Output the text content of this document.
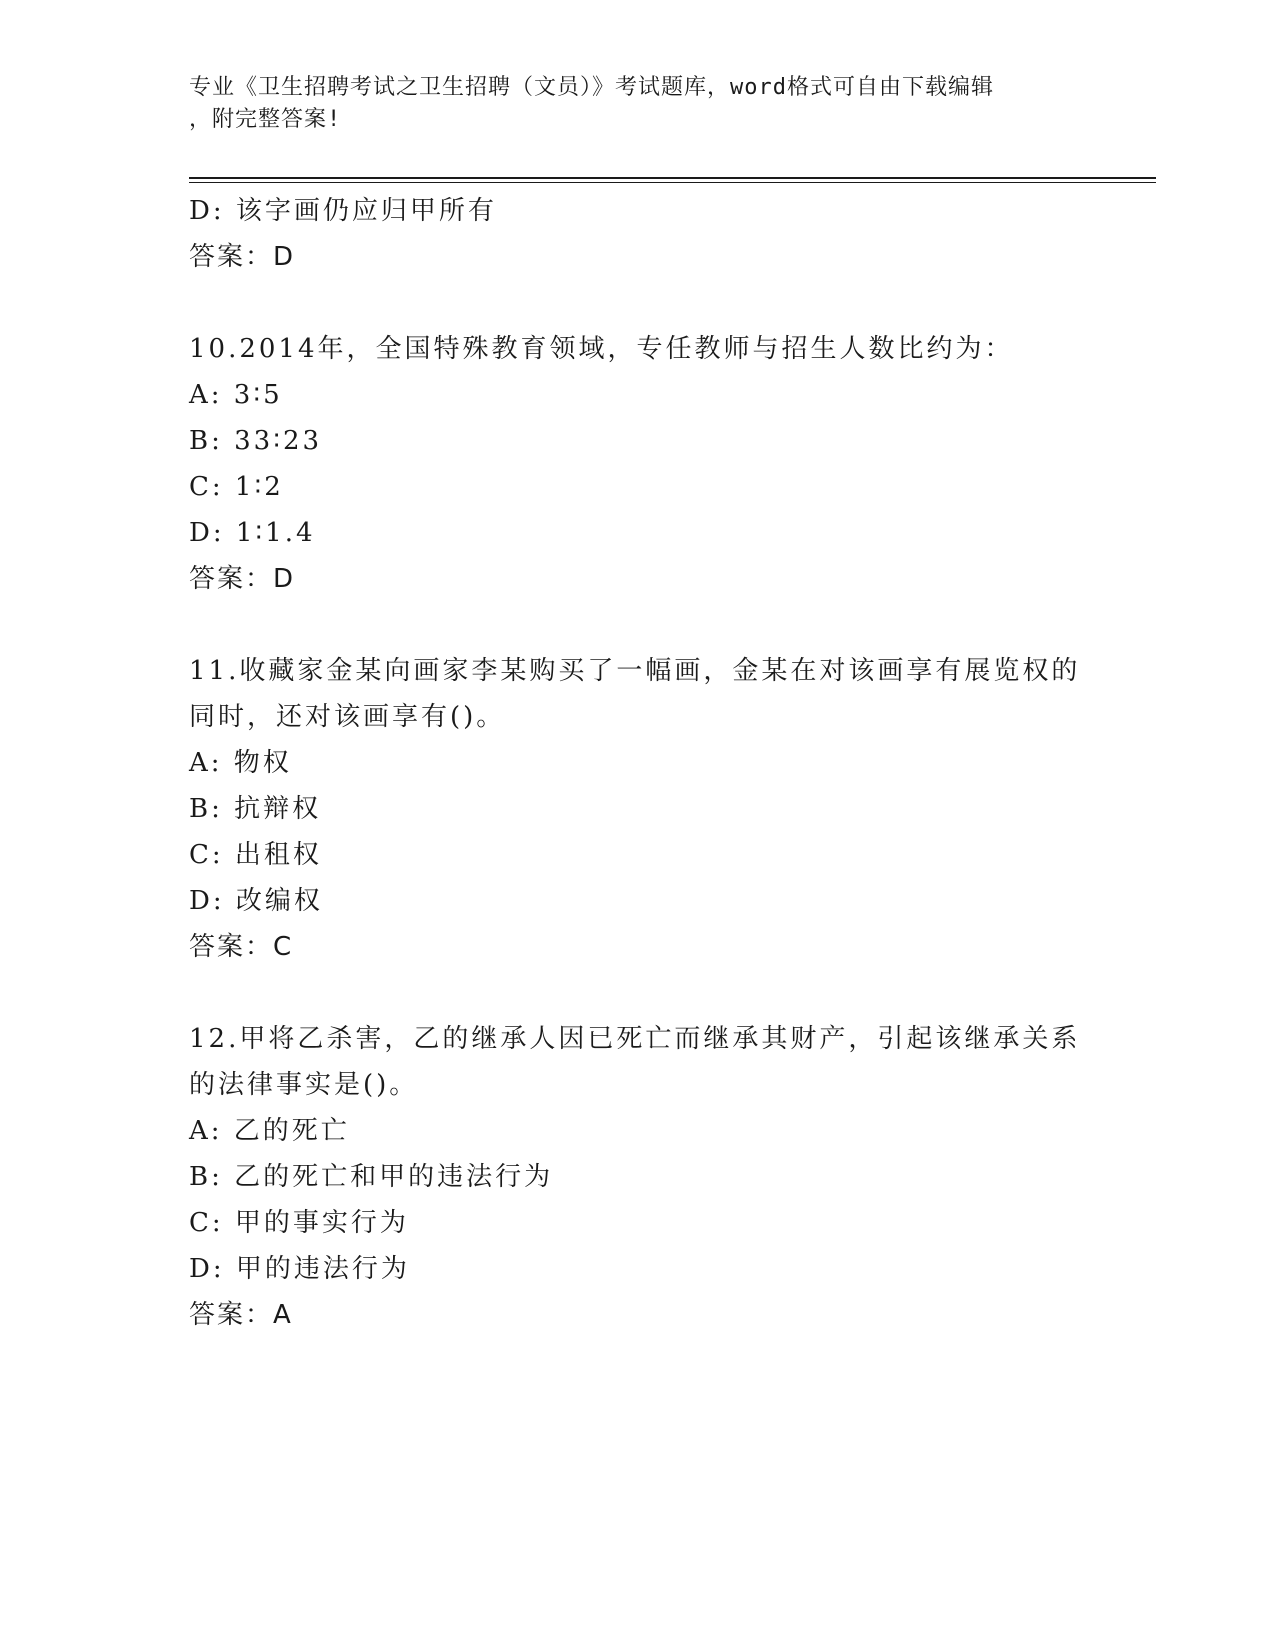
专业《卫生招聘考试之卫生招聘（文员）》考试题库，word格式可自由下载编辑
，附完整答案!
D: 该字画仍应归甲所有
答案：D
10.2014年，全国特殊教育领域，专任教师与招生人数比约为：
A: 3∶5
B: 33∶23
C: 1∶2
D: 1∶1.4
答案：D
11.收藏家金某向画家李某购买了一幅画，金某在对该画享有展览权的
同时，还对该画享有()。
A: 物权
B: 抗辩权
C: 出租权
D: 改编权
答案：C
12.甲将乙杀害，乙的继承人因已死亡而继承其财产，引起该继承关系
的法律事实是()。
A: 乙的死亡
B: 乙的死亡和甲的违法行为
C: 甲的事实行为
D: 甲的违法行为
答案：A
